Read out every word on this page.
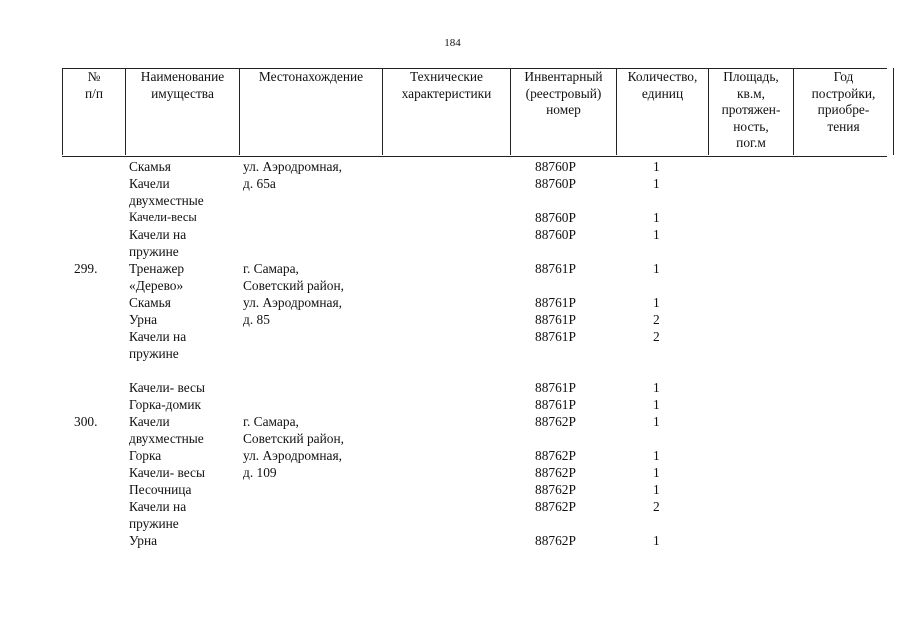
184
№
п/п	Наименование
имущества	Местонахождение	Технические
характеристики	Инвентарный
(реестровый)
номер	Количество,
единиц	Площадь,
кв.м,
протяжен-
ность,
пог.м	Год
постройки,
приобре-
тения
Скамья	ул. Аэродромная,	88760Р	1
Качели	д. 65а	88760Р	1
двухместные
Качели-весы	88760Р	1
Качели на	88760Р	1
пружине
299. Тренажер	г. Самара,	88761Р	1
«Дерево»	Советский район,
Скамья	ул. Аэродромная,	88761Р	1
Урна	д. 85	88761Р	2
Качели на	88761Р	2
пружине
Качели- весы	88761Р	1
Горка-домик	88761Р	1
300. Качели	г. Самара,	88762Р	1
двухместные	Советский район,
Горка	ул. Аэродромная,	88762Р	1
Качели- весы	д. 109	88762Р	1
Песочница	88762Р	1
Качели на	88762Р	2
пружине
Урна	88762Р	1
